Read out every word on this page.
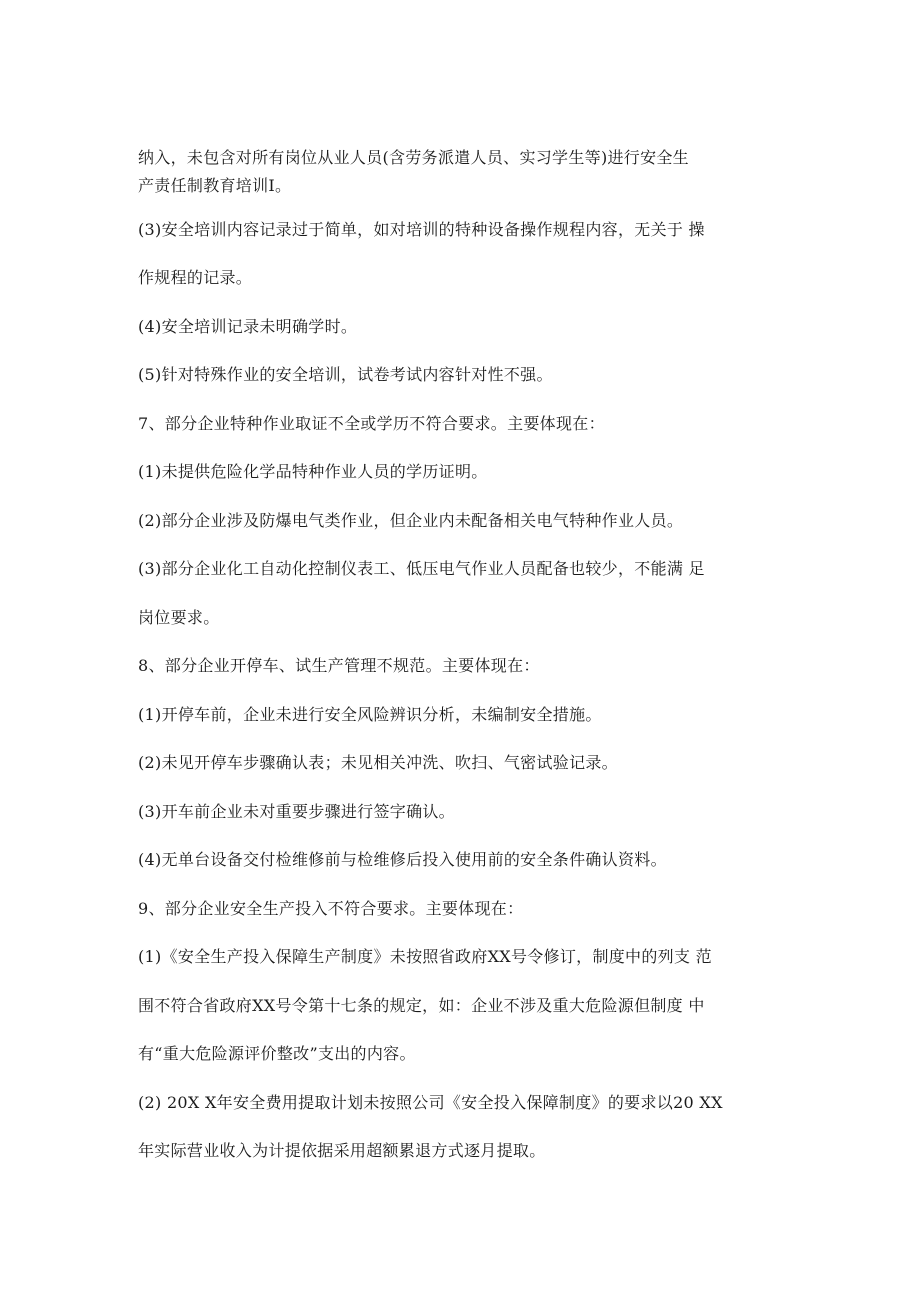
纳入，未包含对所有岗位从业人员(含劳务派遣人员、实习学生等)进行安全生
产责任制教育培训I。
(3)安全培训内容记录过于简单，如对培训的特种设备操作规程内容，无关于 操
作规程的记录。
(4)安全培训记录未明确学时。
(5)针对特殊作业的安全培训，试卷考试内容针对性不强。
7、部分企业特种作业取证不全或学历不符合要求。主要体现在：
(1)未提供危险化学品特种作业人员的学历证明。
(2)部分企业涉及防爆电气类作业，但企业内未配备相关电气特种作业人员。
(3)部分企业化工自动化控制仪表工、低压电气作业人员配备也较少，不能满 足
岗位要求。
8、部分企业开停车、试生产管理不规范。主要体现在：
(1)开停车前，企业未进行安全风险辨识分析，未编制安全措施。
(2)未见开停车步骤确认表；未见相关冲洗、吹扫、气密试验记录。
(3)开车前企业未对重要步骤进行签字确认。
(4)无单台设备交付检维修前与检维修后投入使用前的安全条件确认资料。
9、部分企业安全生产投入不符合要求。主要体现在：
(1)《安全生产投入保障生产制度》未按照省政府XX号令修订，制度中的列支 范
围不符合省政府XX号令第十七条的规定，如：企业不涉及重大危险源但制度 中
有“重大危险源评价整改”支出的内容。
(2) 20X X年安全费用提取计划未按照公司《安全投入保障制度》的要求以20 XX
年实际营业收入为计提依据采用超额累退方式逐月提取。
